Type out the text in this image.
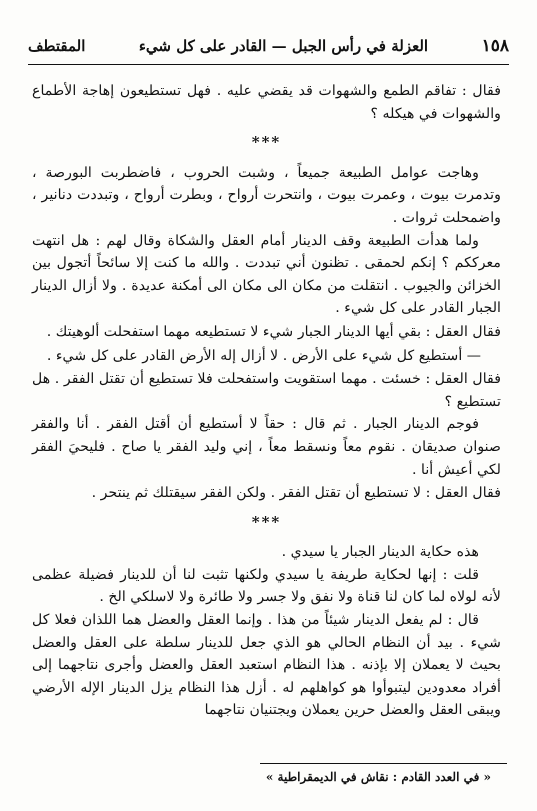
١٥٨
العزلة في رأس الجبل — القادر على كل شيء
المقتطف

فقال : تفاقم الطمع والشهوات قد يقضي عليه . فهل تستطيعون إهاجة الأطماع والشهوات في هيكله ؟

***

وهاجت عوامل الطبيعة جميعاً ، وشبت الحروب ، فاضطربت البورصة ، وتدمرت بيوت ، وعمرت بيوت ، وانتحرت أرواح ، وبطرت أرواح ، وتبددت دنانير ، واضمحلت ثروات .

ولما هدأت الطبيعة وقف الدينار أمام العقل والشكاة وقال لهم : هل انتهت معرككم ؟ إنكم لحمقى . تظنون أني تبددت . والله ما كنت إلا سائحاً أتجول بين الخزائن والجيوب . انتقلت من مكان الى مكان الى أمكنة عديدة . ولا أزال الدينار الجبار القادر على كل شيء .

فقال العقل : بقي أيها الدينار الجبار شيء لا تستطيعه مهما استفحلت ألوهيتك .

— أستطيع كل شيء على الأرض . لا أزال إله الأرض القادر على كل شيء .

فقال العقل : خسئت . مهما استقويت واستفحلت فلا تستطيع أن تقتل الفقر . هل تستطيع ؟

فوجم الدينار الجبار . ثم قال : حقاً لا أستطيع أن أقتل الفقر . أنا والفقر صنوان صديقان . نقوم معاً ونسقط معاً ، إني وليد الفقر يا صاح . فليحيَ الفقر لكي أعيش أنا .

فقال العقل : لا تستطيع أن تقتل الفقر . ولكن الفقر سيقتلك ثم ينتحر .

***

هذه حكاية الدينار الجبار يا سيدي .

قلت : إنها لحكاية طريفة يا سيدي ولكنها تثبت لنا أن للدينار فضيلة عظمى لأنه لولاه لما كان لنا قناة ولا نفق ولا جسر ولا طائرة ولا لاسلكي الخ .

قال : لم يفعل الدينار شيئاً من هذا . وإنما العقل والعضل هما اللذان فعلا كل شيء . بيد أن النظام الحالي هو الذي جعل للدينار سلطة على العقل والعضل بحيث لا يعملان إلا بإذنه . هذا النظام استعبد العقل والعضل وأجرى نتاجهما إلى أفراد معدودين ليتبوأوا هو كواهلهم له . أزل هذا النظام يزل الدينار الإله الأرضي ويبقى العقل والعضل حرين يعملان ويجتنيان نتاجهما

« في العدد القادم : نقاش في الديمقراطية »
